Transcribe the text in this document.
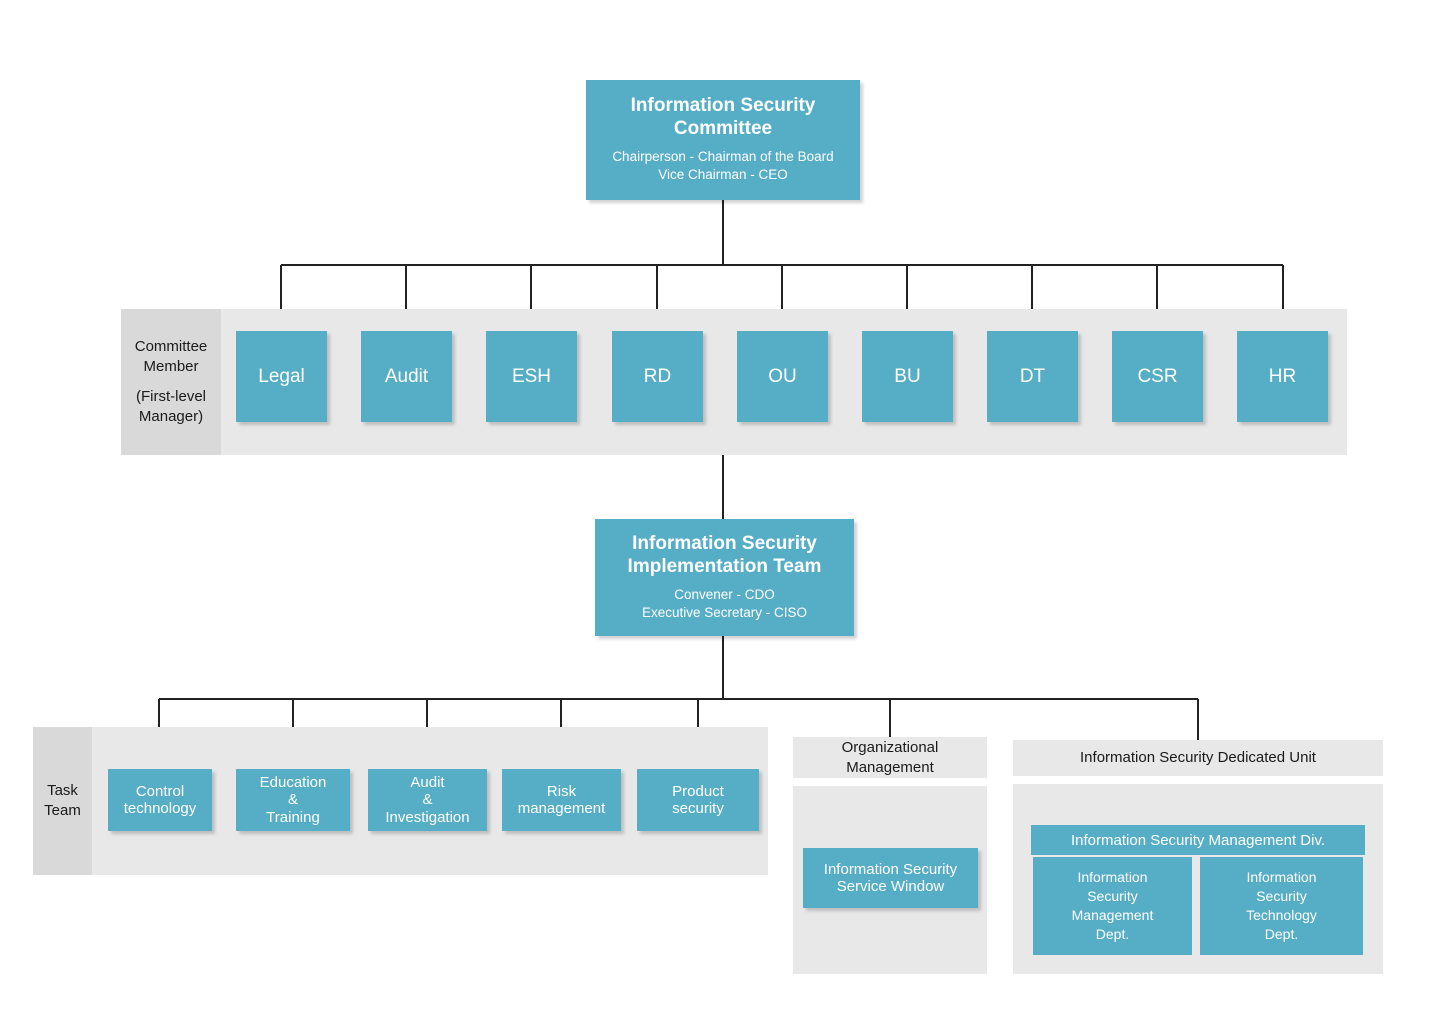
Information Security
Committee
Chairperson - Chairman of the Board
Vice Chairman - CEO
Committee
Member
(First-level
Manager)
Legal	Audit	ESH	RD	OU	BU	DT	CSR	HR
Information Security
Implementation Team
Convener - CDO
Executive Secretary - CISO
Task
Team
Control
technology
Education
&
Training
Audit
&
Investigation
Risk
management
Product
security
Organizational
Management
Information Security
Service Window
Information Security Dedicated Unit
Information Security Management Div.
Information
Security
Management
Dept.
Information
Security
Technology
Dept.
